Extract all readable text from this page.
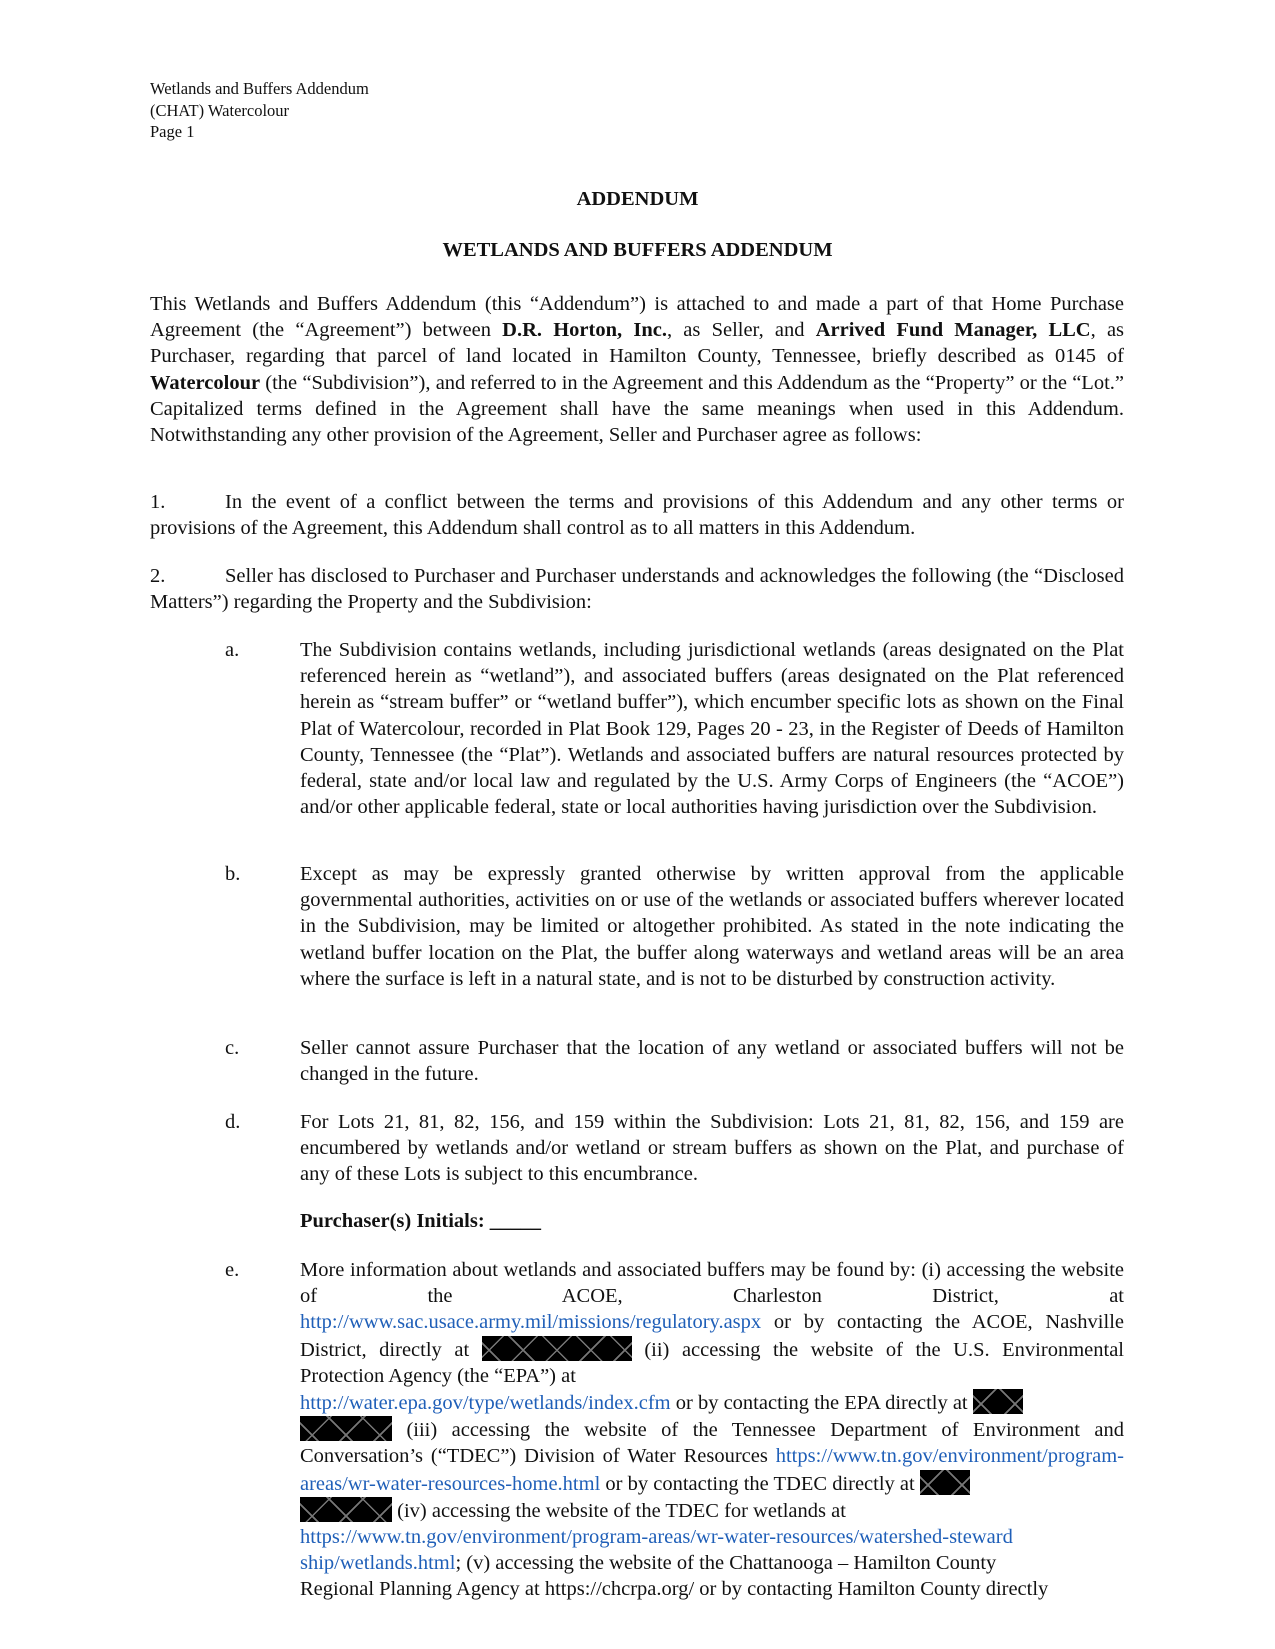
Wetlands and Buffers Addendum
(CHAT) Watercolour
Page 1
ADDENDUM
WETLANDS AND BUFFERS ADDENDUM
This Wetlands and Buffers Addendum (this “Addendum”) is attached to and made a part of that Home Purchase Agreement (the “Agreement”) between D.R. Horton, Inc., as Seller, and Arrived Fund Manager, LLC, as Purchaser, regarding that parcel of land located in Hamilton County, Tennessee, briefly described as 0145 of Watercolour (the “Subdivision”), and referred to in the Agreement and this Addendum as the “Property” or the “Lot.” Capitalized terms defined in the Agreement shall have the same meanings when used in this Addendum. Notwithstanding any other provision of the Agreement, Seller and Purchaser agree as follows:
1.	In the event of a conflict between the terms and provisions of this Addendum and any other terms or provisions of the Agreement, this Addendum shall control as to all matters in this Addendum.
2.	Seller has disclosed to Purchaser and Purchaser understands and acknowledges the following (the “Disclosed Matters”) regarding the Property and the Subdivision:
a.	The Subdivision contains wetlands, including jurisdictional wetlands (areas designated on the Plat referenced herein as “wetland”), and associated buffers (areas designated on the Plat referenced herein as “stream buffer” or “wetland buffer”), which encumber specific lots as shown on the Final Plat of Watercolour, recorded in Plat Book 129, Pages 20 - 23, in the Register of Deeds of Hamilton County, Tennessee (the “Plat”). Wetlands and associated buffers are natural resources protected by federal, state and/or local law and regulated by the U.S. Army Corps of Engineers (the “ACOE”) and/or other applicable federal, state or local authorities having jurisdiction over the Subdivision.
b.	Except as may be expressly granted otherwise by written approval from the applicable governmental authorities, activities on or use of the wetlands or associated buffers wherever located in the Subdivision, may be limited or altogether prohibited. As stated in the note indicating the wetland buffer location on the Plat, the buffer along waterways and wetland areas will be an area where the surface is left in a natural state, and is not to be disturbed by construction activity.
c.	Seller cannot assure Purchaser that the location of any wetland or associated buffers will not be changed in the future.
d.	For Lots 21, 81, 82, 156, and 159 within the Subdivision: Lots 21, 81, 82, 156, and 159 are encumbered by wetlands and/or wetland or stream buffers as shown on the Plat, and purchase of any of these Lots is subject to this encumbrance.
Purchaser(s) Initials: _____
e.	More information about wetlands and associated buffers may be found by: (i) accessing the website of the ACOE, Charleston District, at
http://www.sac.usace.army.mil/missions/regulatory.aspx or by contacting the ACOE, Nashville District, directly at	(ii) accessing the website of the U.S. Environmental Protection Agency (the “EPA”) at
http://water.epa.gov/type/wetlands/index.cfm or by contacting the EPA directly at
(iii) accessing the website of the Tennessee Department of Environment and Conversation’s (“TDEC”) Division of Water Resources https://www.tn.gov/environment/program-areas/wr-water-resources-home.html or by contacting the TDEC directly at
(iv) accessing the website of the TDEC for wetlands at
https://www.tn.gov/environment/program-areas/wr-water-resources/watershed-steward
ship/wetlands.html; (v) accessing the website of the Chattanooga – Hamilton County
Regional Planning Agency at https://chcrpa.org/ or by contacting Hamilton County directly
